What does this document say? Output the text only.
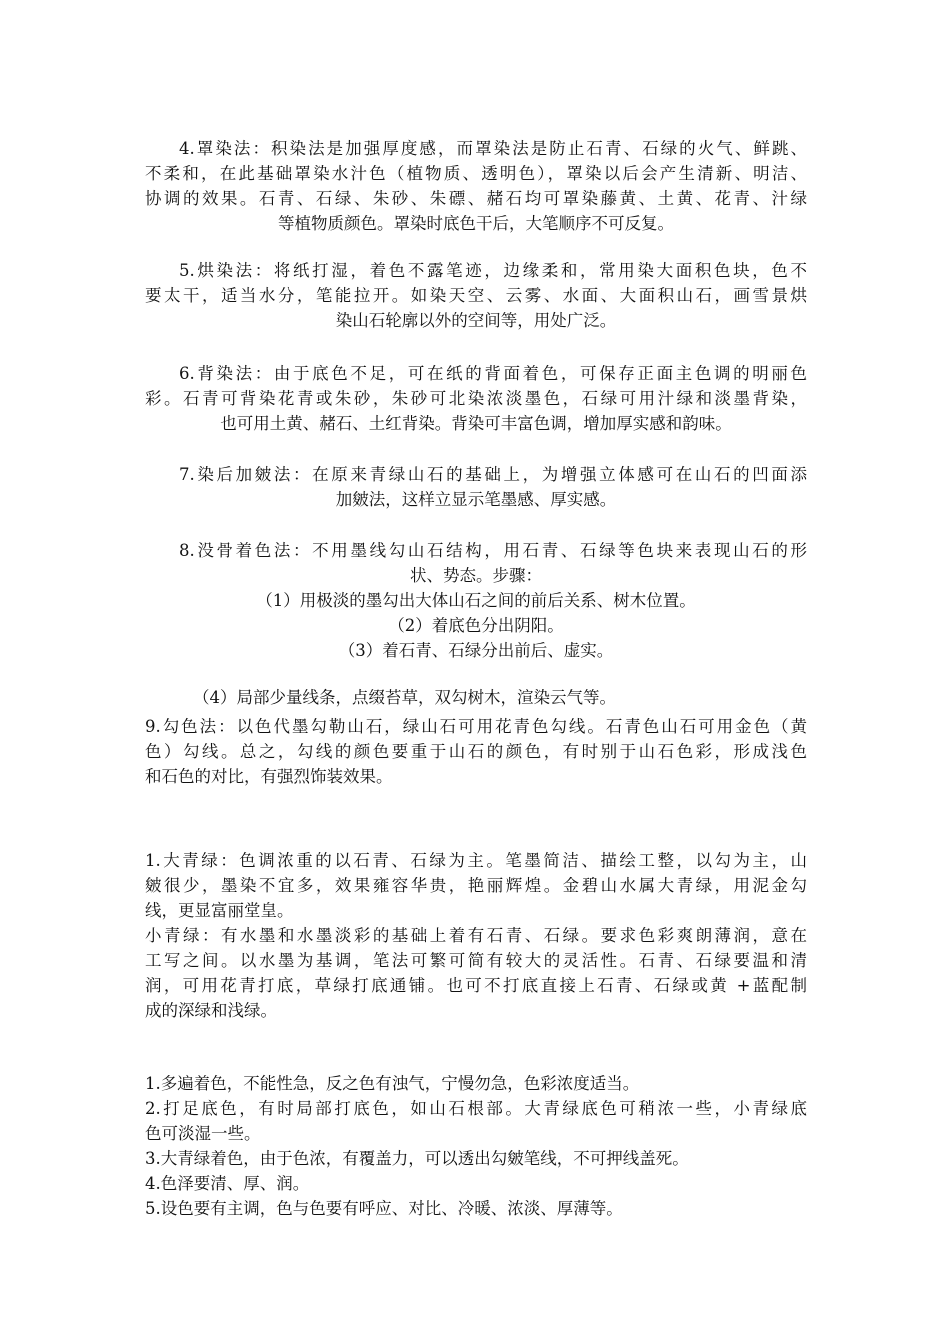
4.罩染法：积染法是加强厚度感，而罩染法是防止石青、石绿的火气、鲜跳、
不柔和，在此基础罩染水汁色（植物质、透明色），罩染以后会产生清新、明洁、
协调的效果。石青、石绿、朱砂、朱磦、赭石均可罩染藤黄、土黄、花青、汁绿
等植物质颜色。罩染时底色干后，大笔顺序不可反复。
5.烘染法：将纸打湿，着色不露笔迹，边缘柔和，常用染大面积色块，色不
要太干，适当水分，笔能拉开。如染天空、云雾、水面、大面积山石，画雪景烘
染山石轮廓以外的空间等，用处广泛。
6.背染法：由于底色不足，可在纸的背面着色，可保存正面主色调的明丽色
彩。石青可背染花青或朱砂，朱砂可北染浓淡墨色，石绿可用汁绿和淡墨背染，
也可用土黄、赭石、土红背染。背染可丰富色调，增加厚实感和韵味。
7.染后加皴法：在原来青绿山石的基础上，为增强立体感可在山石的凹面添
加皴法，这样立显示笔墨感、厚实感。
8.没骨着色法：不用墨线勾山石结构，用石青、石绿等色块来表现山石的形
状、势态。步骤：
（1）用极淡的墨勾出大体山石之间的前后关系、树木位置。
（2）着底色分出阴阳。
（3）着石青、石绿分出前后、虚实。
（4）局部少量线条，点缀苔草，双勾树木，渲染云气等。
9.勾色法：以色代墨勾勒山石，绿山石可用花青色勾线。石青色山石可用金色（黄
色）勾线。总之，勾线的颜色要重于山石的颜色，有时别于山石色彩，形成浅色
和石色的对比，有强烈饰装效果。
1.大青绿：色调浓重的以石青、石绿为主。笔墨简洁、描绘工整，以勾为主，山
皴很少，墨染不宜多，效果雍容华贵，艳丽辉煌。金碧山水属大青绿，用泥金勾
线，更显富丽堂皇。
小青绿：有水墨和水墨淡彩的基础上着有石青、石绿。要求色彩爽朗薄润，意在
工写之间。以水墨为基调，笔法可繁可简有较大的灵活性。石青、石绿要温和清
润，可用花青打底，草绿打底通铺。也可不打底直接上石青、石绿或黄 +蓝配制
成的深绿和浅绿。
1.多遍着色，不能性急，反之色有浊气，宁慢勿急，色彩浓度适当。
2.打足底色，有时局部打底色，如山石根部。大青绿底色可稍浓一些，小青绿底
色可淡湿一些。
3.大青绿着色，由于色浓，有覆盖力，可以透出勾皴笔线，不可押线盖死。
4.色泽要清、厚、润。
5.设色要有主调，色与色要有呼应、对比、冷暖、浓淡、厚薄等。
